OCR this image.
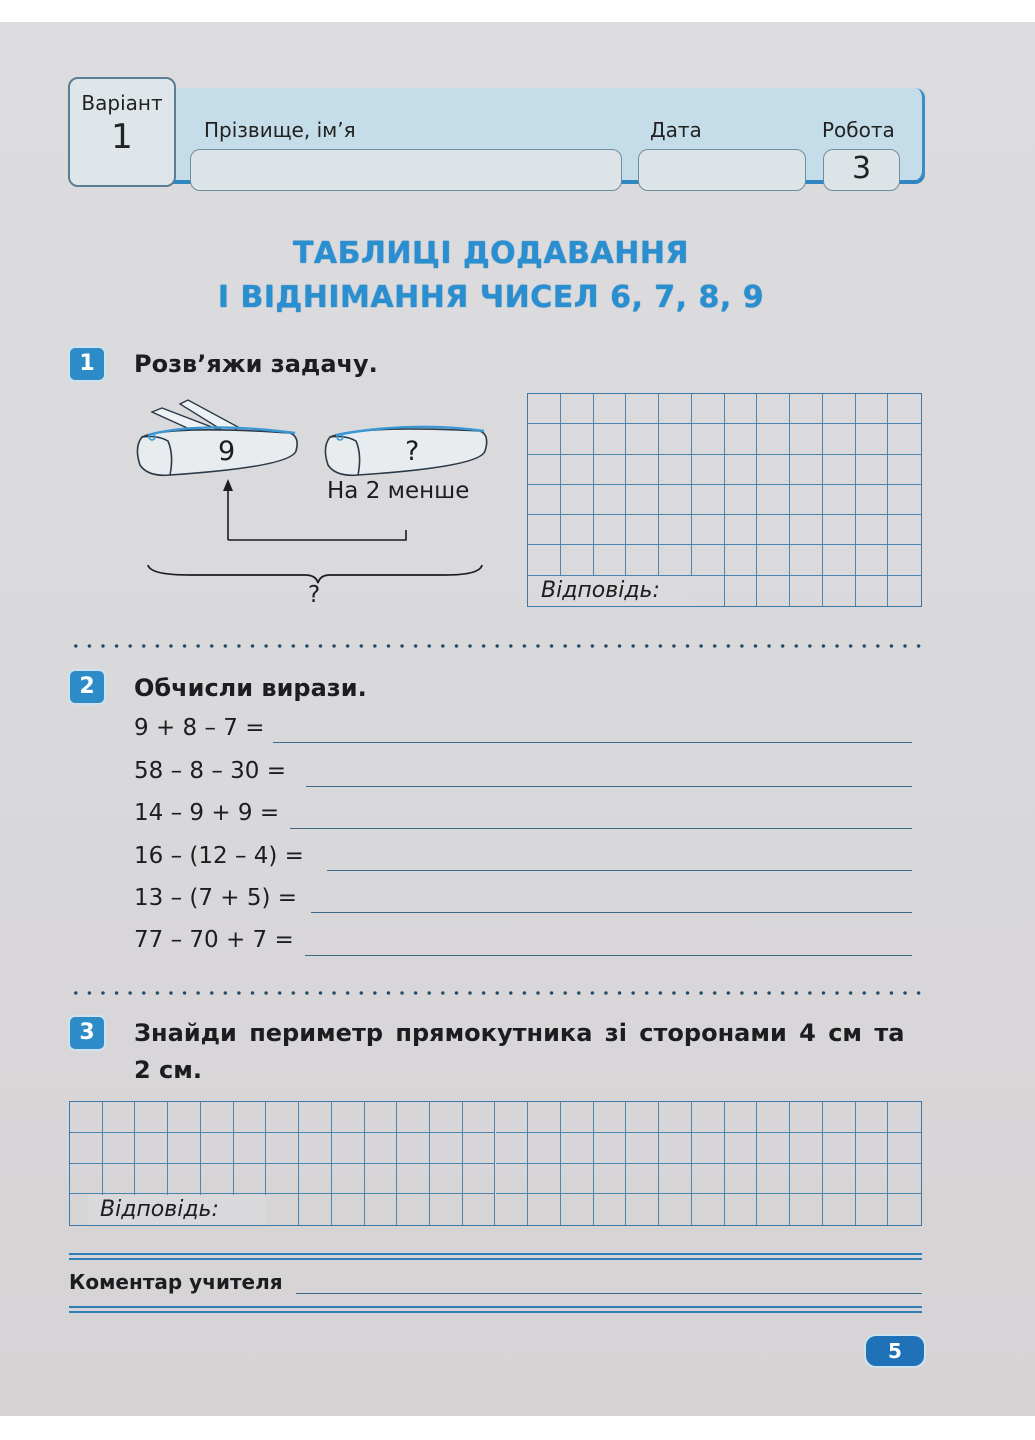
Варіант
1	Прізвище, ім’я	Дата	Робота
3
ТАБЛИЦІ ДОДАВАННЯ
І ВІДНІМАННЯ ЧИСЕЛ 6, 7, 8, 9
1	Розв’яжи задачу.
9	?
На 2 менше
?	Відповідь:
2	Обчисли вирази.
9 + 8 – 7 =
58 – 8 – 30 =
14 – 9 + 9 =
16 – (12 – 4) =
13 – (7 + 5) =
77 – 70 + 7 =
3	Знайди периметр прямокутника зі сторонами 4 см та
2 см.
Відповідь:
Коментар учителя
5
